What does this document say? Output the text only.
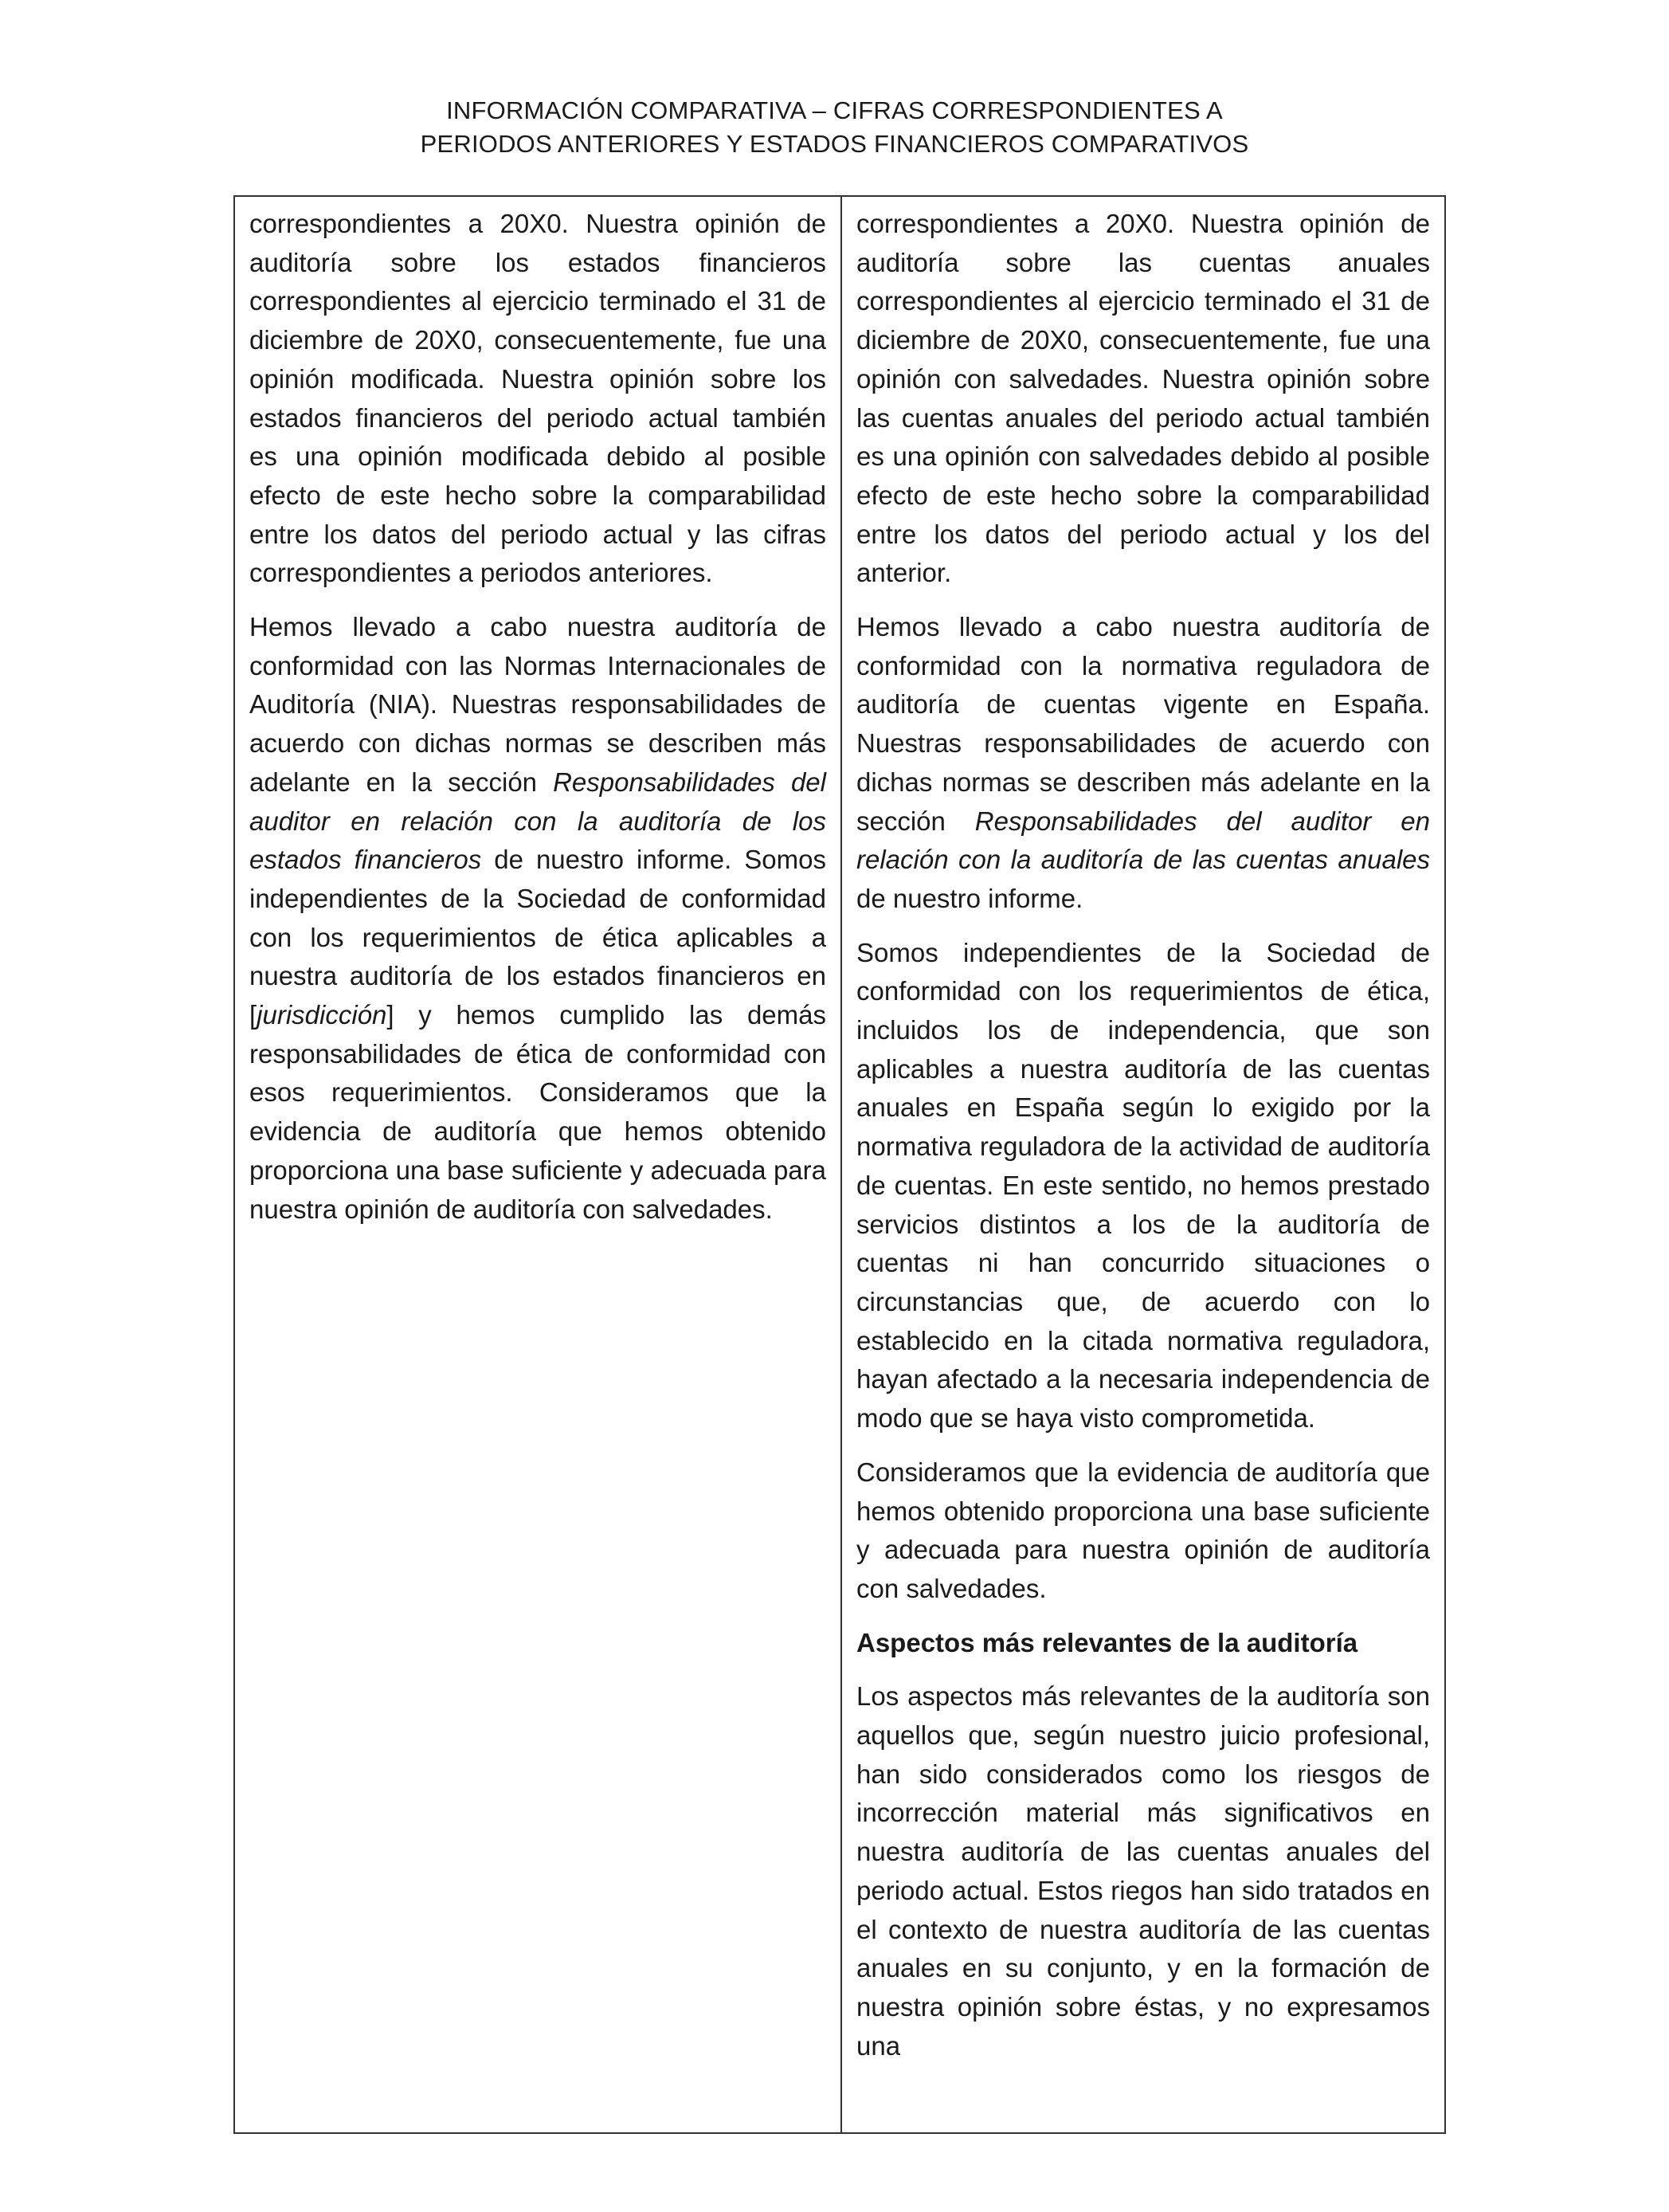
INFORMACIÓN COMPARATIVA – CIFRAS CORRESPONDIENTES A
PERIODOS ANTERIORES Y ESTADOS FINANCIEROS COMPARATIVOS

correspondientes a 20X0. Nuestra opinión de auditoría sobre los estados financieros correspondientes al ejercicio terminado el 31 de diciembre de 20X0, consecuentemente, fue una opinión modificada. Nuestra opinión sobre los estados financieros del periodo actual también es una opinión modificada debido al posible efecto de este hecho sobre la comparabilidad entre los datos del periodo actual y las cifras correspondientes a periodos anteriores.

Hemos llevado a cabo nuestra auditoría de conformidad con las Normas Internacionales de Auditoría (NIA). Nuestras responsabilidades de acuerdo con dichas normas se describen más adelante en la sección Responsabilidades del auditor en relación con la auditoría de los estados financieros de nuestro informe. Somos independientes de la Sociedad de conformidad con los requerimientos de ética aplicables a nuestra auditoría de los estados financieros en [jurisdicción] y hemos cumplido las demás responsabilidades de ética de conformidad con esos requerimientos. Consideramos que la evidencia de auditoría que hemos obtenido proporciona una base suficiente y adecuada para nuestra opinión de auditoría con salvedades.

correspondientes a 20X0. Nuestra opinión de auditoría sobre las cuentas anuales correspondientes al ejercicio terminado el 31 de diciembre de 20X0, consecuentemente, fue una opinión con salvedades. Nuestra opinión sobre las cuentas anuales del periodo actual también es una opinión con salvedades debido al posible efecto de este hecho sobre la comparabilidad entre los datos del periodo actual y los del anterior.

Hemos llevado a cabo nuestra auditoría de conformidad con la normativa reguladora de auditoría de cuentas vigente en España. Nuestras responsabilidades de acuerdo con dichas normas se describen más adelante en la sección Responsabilidades del auditor en relación con la auditoría de las cuentas anuales de nuestro informe.

Somos independientes de la Sociedad de conformidad con los requerimientos de ética, incluidos los de independencia, que son aplicables a nuestra auditoría de las cuentas anuales en España según lo exigido por la normativa reguladora de la actividad de auditoría de cuentas. En este sentido, no hemos prestado servicios distintos a los de la auditoría de cuentas ni han concurrido situaciones o circunstancias que, de acuerdo con lo establecido en la citada normativa reguladora, hayan afectado a la necesaria independencia de modo que se haya visto comprometida.

Consideramos que la evidencia de auditoría que hemos obtenido proporciona una base suficiente y adecuada para nuestra opinión de auditoría con salvedades.

Aspectos más relevantes de la auditoría

Los aspectos más relevantes de la auditoría son aquellos que, según nuestro juicio profesional, han sido considerados como los riesgos de incorrección material más significativos en nuestra auditoría de las cuentas anuales del periodo actual. Estos riegos han sido tratados en el contexto de nuestra auditoría de las cuentas anuales en su conjunto, y en la formación de nuestra opinión sobre éstas, y no expresamos una
